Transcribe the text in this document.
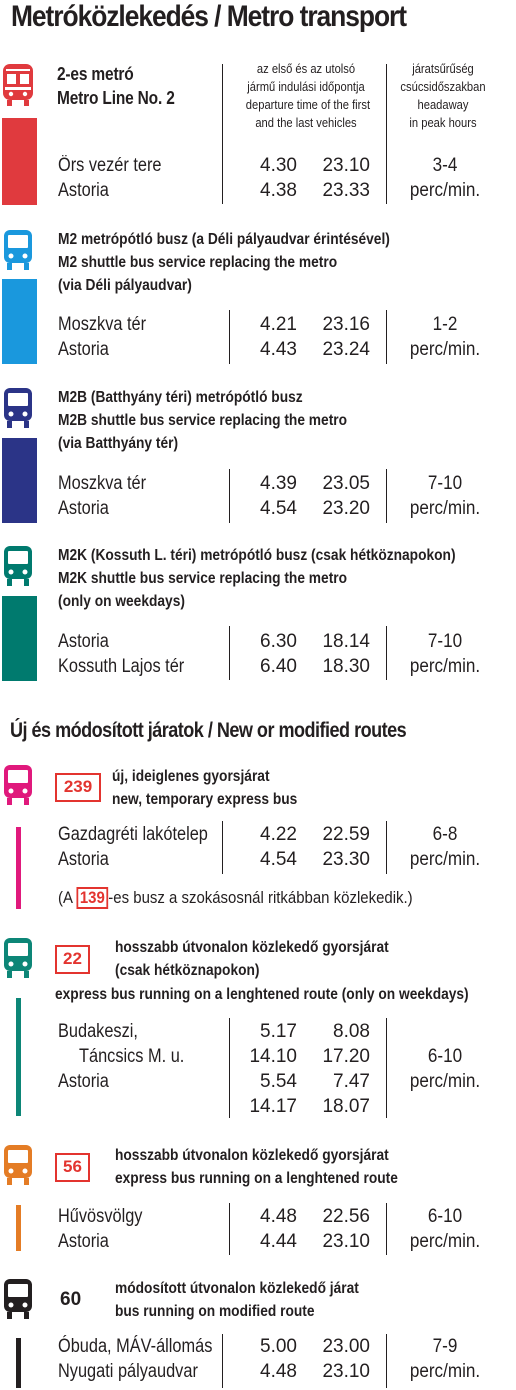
Metróközlekedés / Metro transport
2-es metró
Metro Line No. 2
az első és az utolsó
jármű indulási időpontja
departure time of the first
and the last vehicles
járatsűrűség
csúcsidőszakban
headaway
in peak hours
Örs vezér tere
Astoria
4.30
4.38
23.10
23.33
3-4
perc/min.
M2 metrópótló busz (a Déli pályaudvar érintésével)
M2 shuttle bus service replacing the metro
(via Déli pályaudvar)
Moszkva tér
Astoria
4.21
4.43
23.16
23.24
1-2
perc/min.
M2B (Batthyány téri) metrópótló busz
M2B shuttle bus service replacing the metro
(via Batthyány tér)
Moszkva tér
Astoria
4.39
4.54
23.05
23.20
7-10
perc/min.
M2K (Kossuth L. téri) metrópótló busz (csak hétköznapokon)
M2K shuttle bus service replacing the metro
(only on weekdays)
Astoria
Kossuth Lajos tér
6.30
6.40
18.14
18.30
7-10
perc/min.
Új és módosított járatok / New or modified routes
239
új, ideiglenes gyorsjárat
new, temporary express bus
Gazdagréti lakótelep
Astoria
4.22
4.54
22.59
23.30
6-8
perc/min.
(A 139 -es busz a szokásosnál ritkábban közlekedik.)
22
hosszabb útvonalon közlekedő gyorsjárat
(csak hétköznapokon)
express bus running on a lenghtened route (only on weekdays)
Budakeszi,
Táncsics M. u.
Astoria
5.17
14.10
5.54
14.17
8.08
17.20
7.47
18.07
6-10
perc/min.
56
hosszabb útvonalon közlekedő gyorsjárat
express bus running on a lenghtened route
Hűvösvölgy
Astoria
4.48
4.44
22.56
23.10
6-10
perc/min.
60
módosított útvonalon közlekedő járat
bus running on modified route
Óbuda, MÁV-állomás
Nyugati pályaudvar
5.00
4.48
23.00
23.10
7-9
perc/min.
